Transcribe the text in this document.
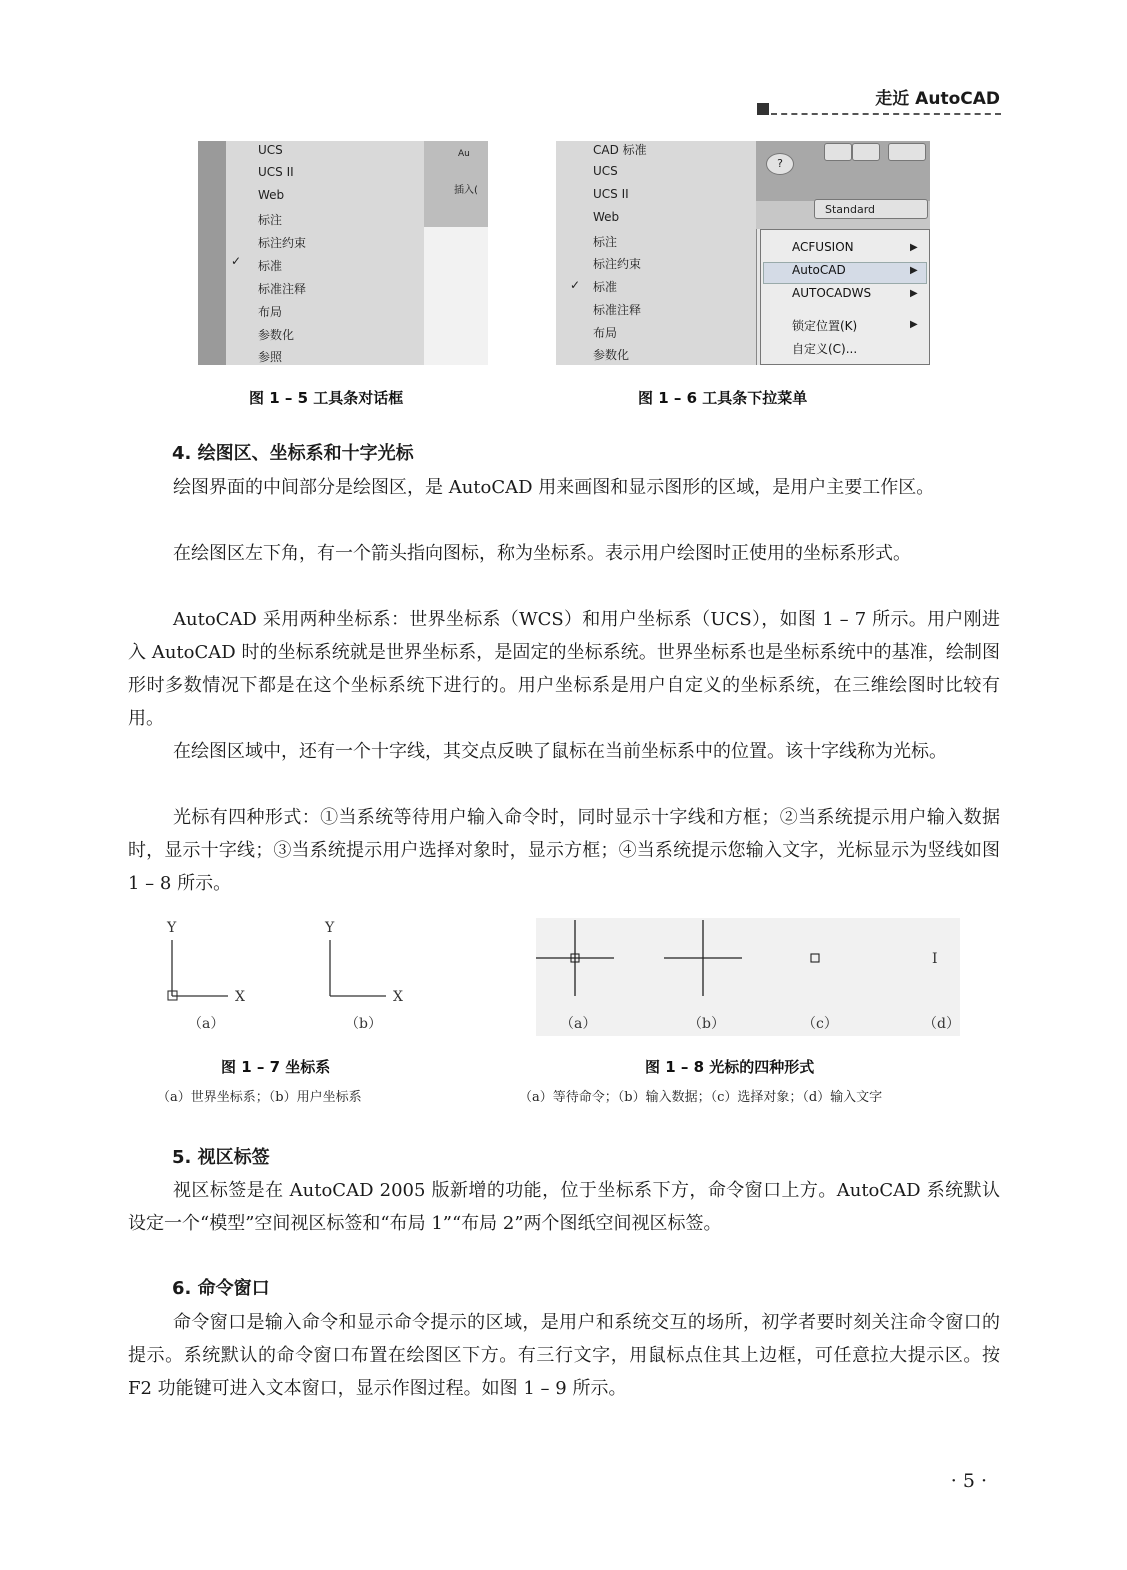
走近 AutoCAD
Au
插入(
✓
UCS
UCS II
Web
标注
标注约束
标准
标准注释
布局
参数化
参照
图 1 – 5 工具条对话框
✓
CAD 标准
UCS
UCS II
Web
标注
标注约束
标准
标准注释
布局
参数化
?
Standard
ACFUSION
AutoCAD
AUTOCADWS
锁定位置(K)
自定义(C)...
▶
▶
▶
▶
图 1 – 6 工具条下拉菜单
4. 绘图区、坐标系和十字光标
绘图界面的中间部分是绘图区，是 AutoCAD 用来画图和显示图形的区域，是用户主要工作区。
在绘图区左下角，有一个箭头指向图标，称为坐标系。表示用户绘图时正使用的坐标系形式。
AutoCAD 采用两种坐标系：世界坐标系（WCS）和用户坐标系（UCS），如图 1 – 7 所示。用户刚进入 AutoCAD 时的坐标系统就是世界坐标系，是固定的坐标系统。世界坐标系也是坐标系统中的基准，绘制图形时多数情况下都是在这个坐标系统下进行的。用户坐标系是用户自定义的坐标系统，在三维绘图时比较有用。
在绘图区域中，还有一个十字线，其交点反映了鼠标在当前坐标系中的位置。该十字线称为光标。
光标有四种形式：①当系统等待用户输入命令时，同时显示十字线和方框；②当系统提示用户输入数据时，显示十字线；③当系统提示用户选择对象时，显示方框；④当系统提示您输入文字，光标显示为竖线如图 1 – 8 所示。
Y
X
Y
X
（a）	（b）
图 1 – 7 坐标系
（a）世界坐标系；（b）用户坐标系
I
（a）	（b）	（c）	（d）
图 1 – 8 光标的四种形式
（a）等待命令；（b）输入数据；（c）选择对象；（d）输入文字
5. 视区标签
视区标签是在 AutoCAD 2005 版新增的功能，位于坐标系下方，命令窗口上方。AutoCAD 系统默认设定一个“模型”空间视区标签和“布局 1”“布局 2”两个图纸空间视区标签。
6. 命令窗口
命令窗口是输入命令和显示命令提示的区域，是用户和系统交互的场所，初学者要时刻关注命令窗口的提示。系统默认的命令窗口布置在绘图区下方。有三行文字，用鼠标点住其上边框，可任意拉大提示区。按 F2 功能键可进入文本窗口，显示作图过程。如图 1 – 9 所示。
· 5 ·
